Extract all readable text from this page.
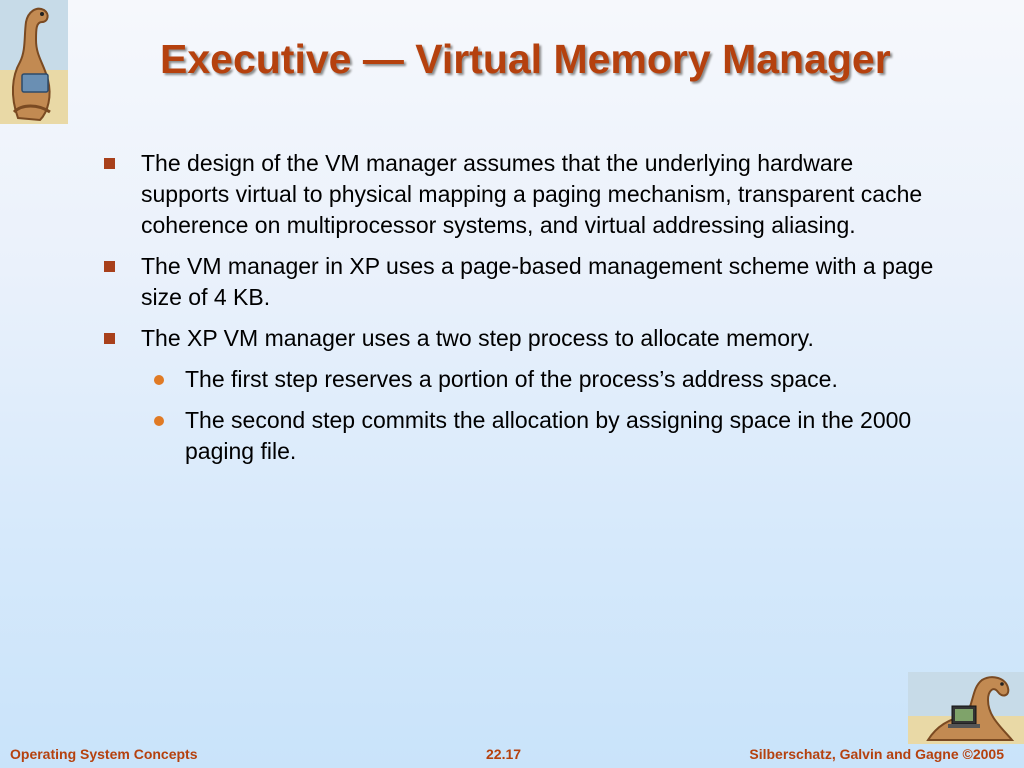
Executive — Virtual Memory Manager
The design of the VM manager assumes that the underlying hardware supports virtual to physical mapping a paging mechanism, transparent cache coherence on multiprocessor systems, and virtual addressing aliasing.
The VM manager in XP uses a page-based management scheme with a page size of 4 KB.
The XP VM manager uses a two step process to allocate memory.
The first step reserves a portion of the process’s address space.
The second step commits the allocation by assigning space in the 2000 paging file.
Operating System Concepts	22.17	Silberschatz, Galvin and Gagne ©2005
